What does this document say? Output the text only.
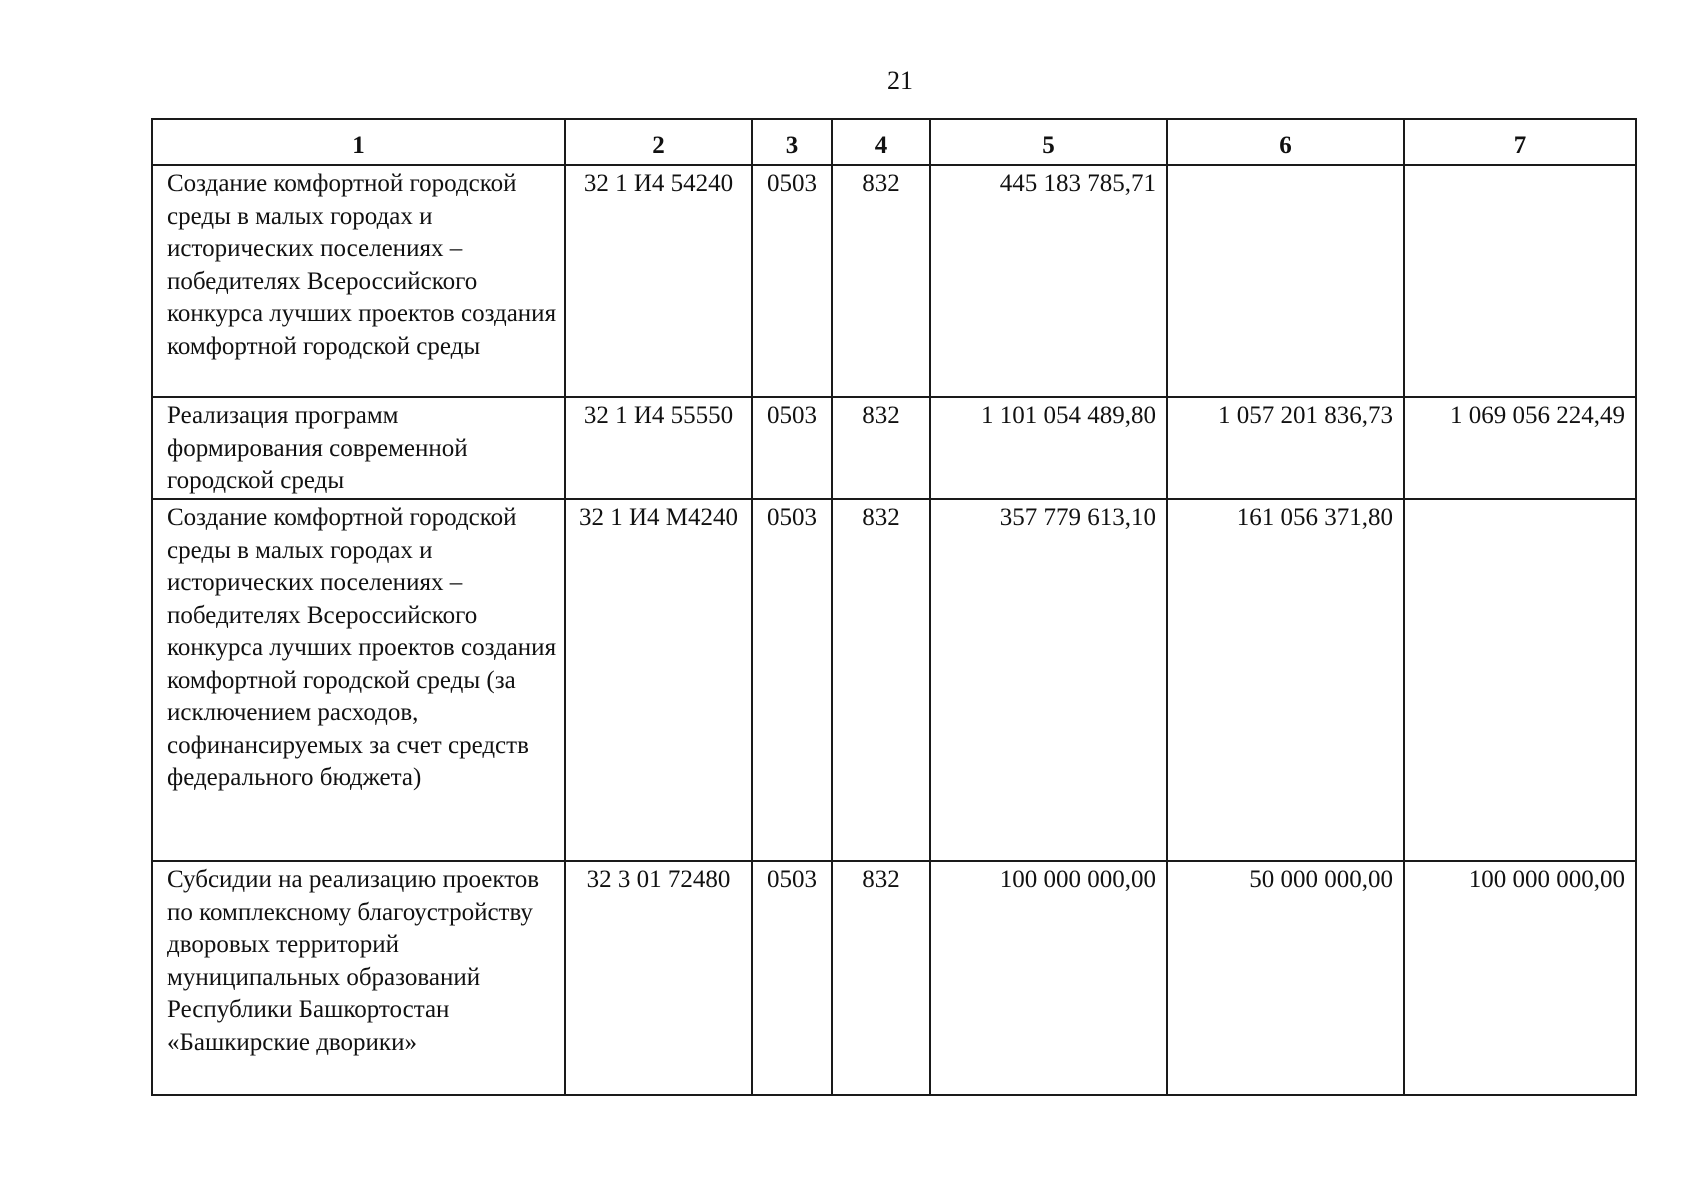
21
1	2	3	4	5	6	7
Создание комфортной городской среды в малых городах и исторических поселениях – победителях Всероссийского конкурса лучших проектов создания комфортной городской среды	32 1 И4 54240	0503	832	445 183 785,71		
Реализация программ формирования современной городской среды	32 1 И4 55550	0503	832	1 101 054 489,80	1 057 201 836,73	1 069 056 224,49
Создание комфортной городской среды в малых городах и исторических поселениях – победителях Всероссийского конкурса лучших проектов создания комфортной городской среды (за исключением расходов, софинансируемых за счет средств федерального бюджета)	32 1 И4 М4240	0503	832	357 779 613,10	161 056 371,80	
Субсидии на реализацию проектов по комплексному благоустройству дворовых территорий муниципальных образований Республики Башкортостан «Башкирские дворики»	32 3 01 72480	0503	832	100 000 000,00	50 000 000,00	100 000 000,00
